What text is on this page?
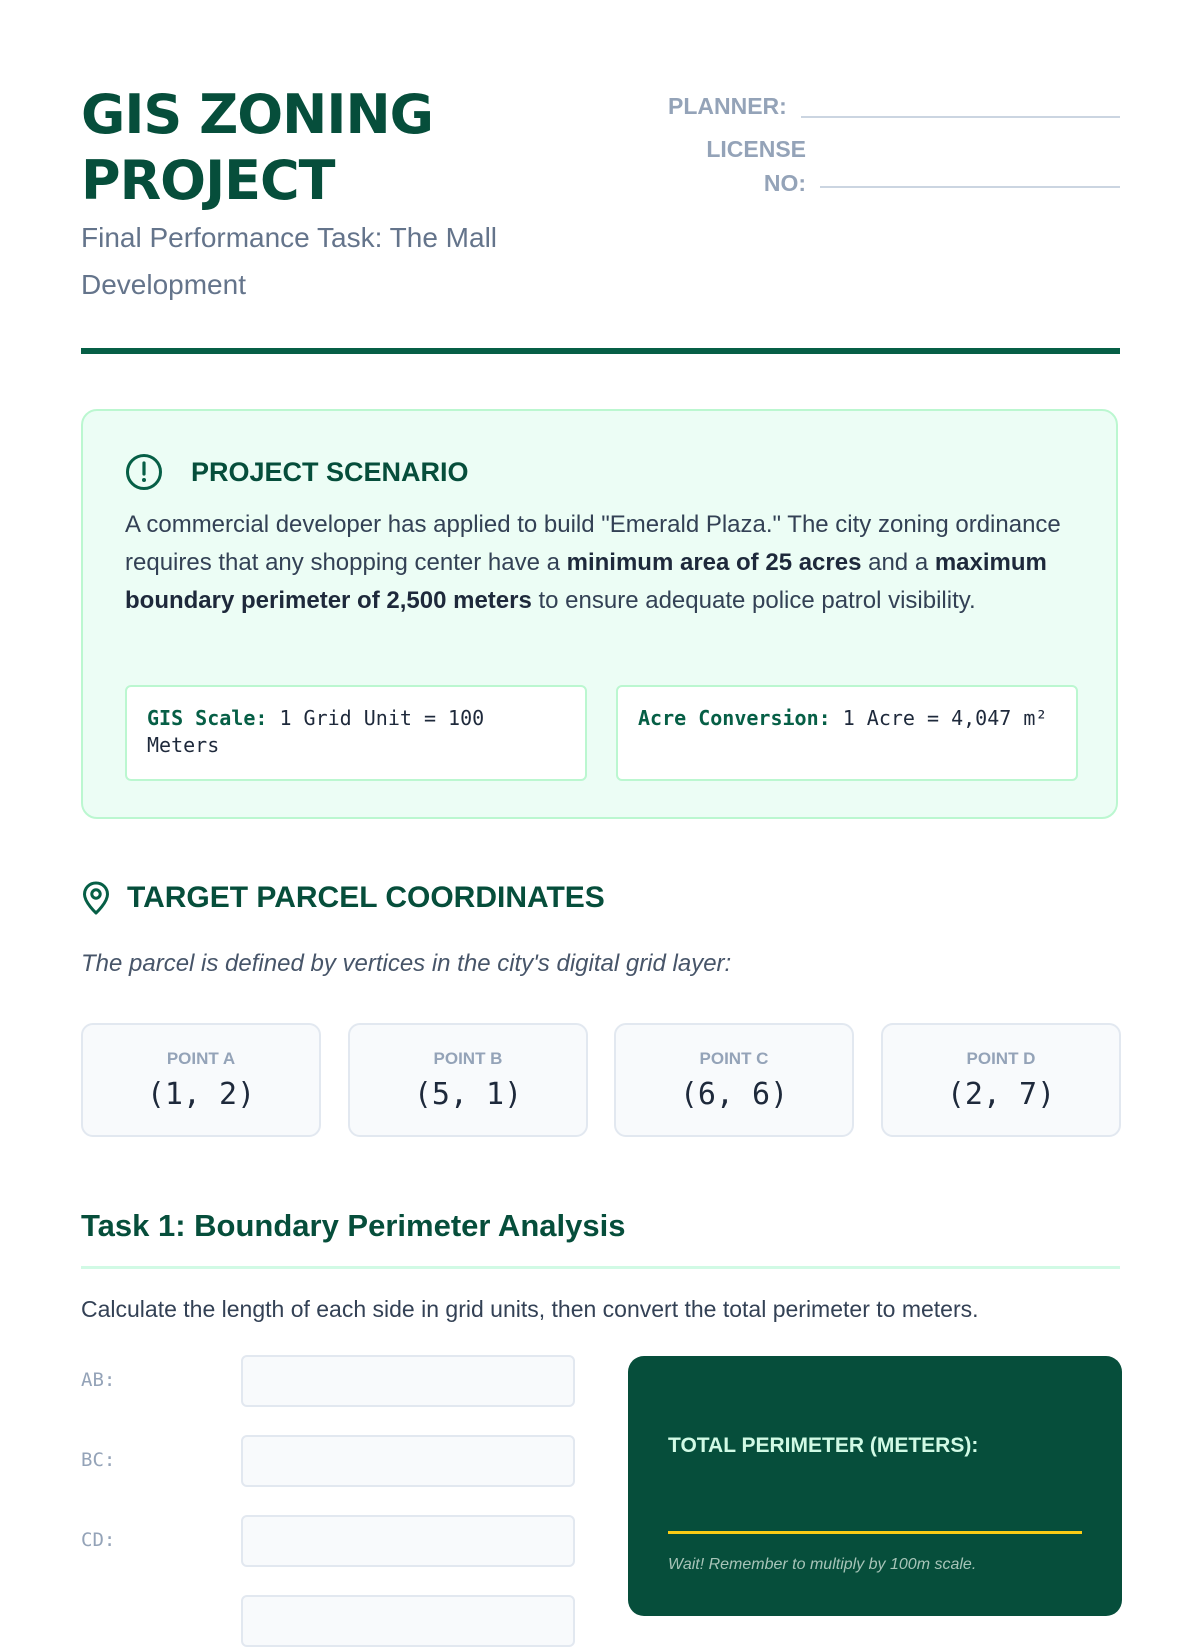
GIS ZONING
PROJECT

Final Performance Task: The Mall Development

PLANNER:
LICENSE NO:
PROJECT SCENARIO

A commercial developer has applied to build "Emerald Plaza." The city zoning ordinance requires that any shopping center have a minimum area of 25 acres and a maximum boundary perimeter of 2,500 meters to ensure adequate police patrol visibility.

GIS Scale: 1 Grid Unit = 100 Meters
Acre Conversion: 1 Acre = 4,047 m²
TARGET PARCEL COORDINATES

The parcel is defined by vertices in the city's digital grid layer:

POINT A
(1, 2)
POINT B
(5, 1)
POINT C
(6, 6)
POINT D
(2, 7)
Task 1: Boundary Perimeter Analysis

Calculate the length of each side in grid units, then convert the total perimeter to meters.

AB:
BC:
CD:
TOTAL PERIMETER (METERS):
Wait! Remember to multiply by 100m scale.
